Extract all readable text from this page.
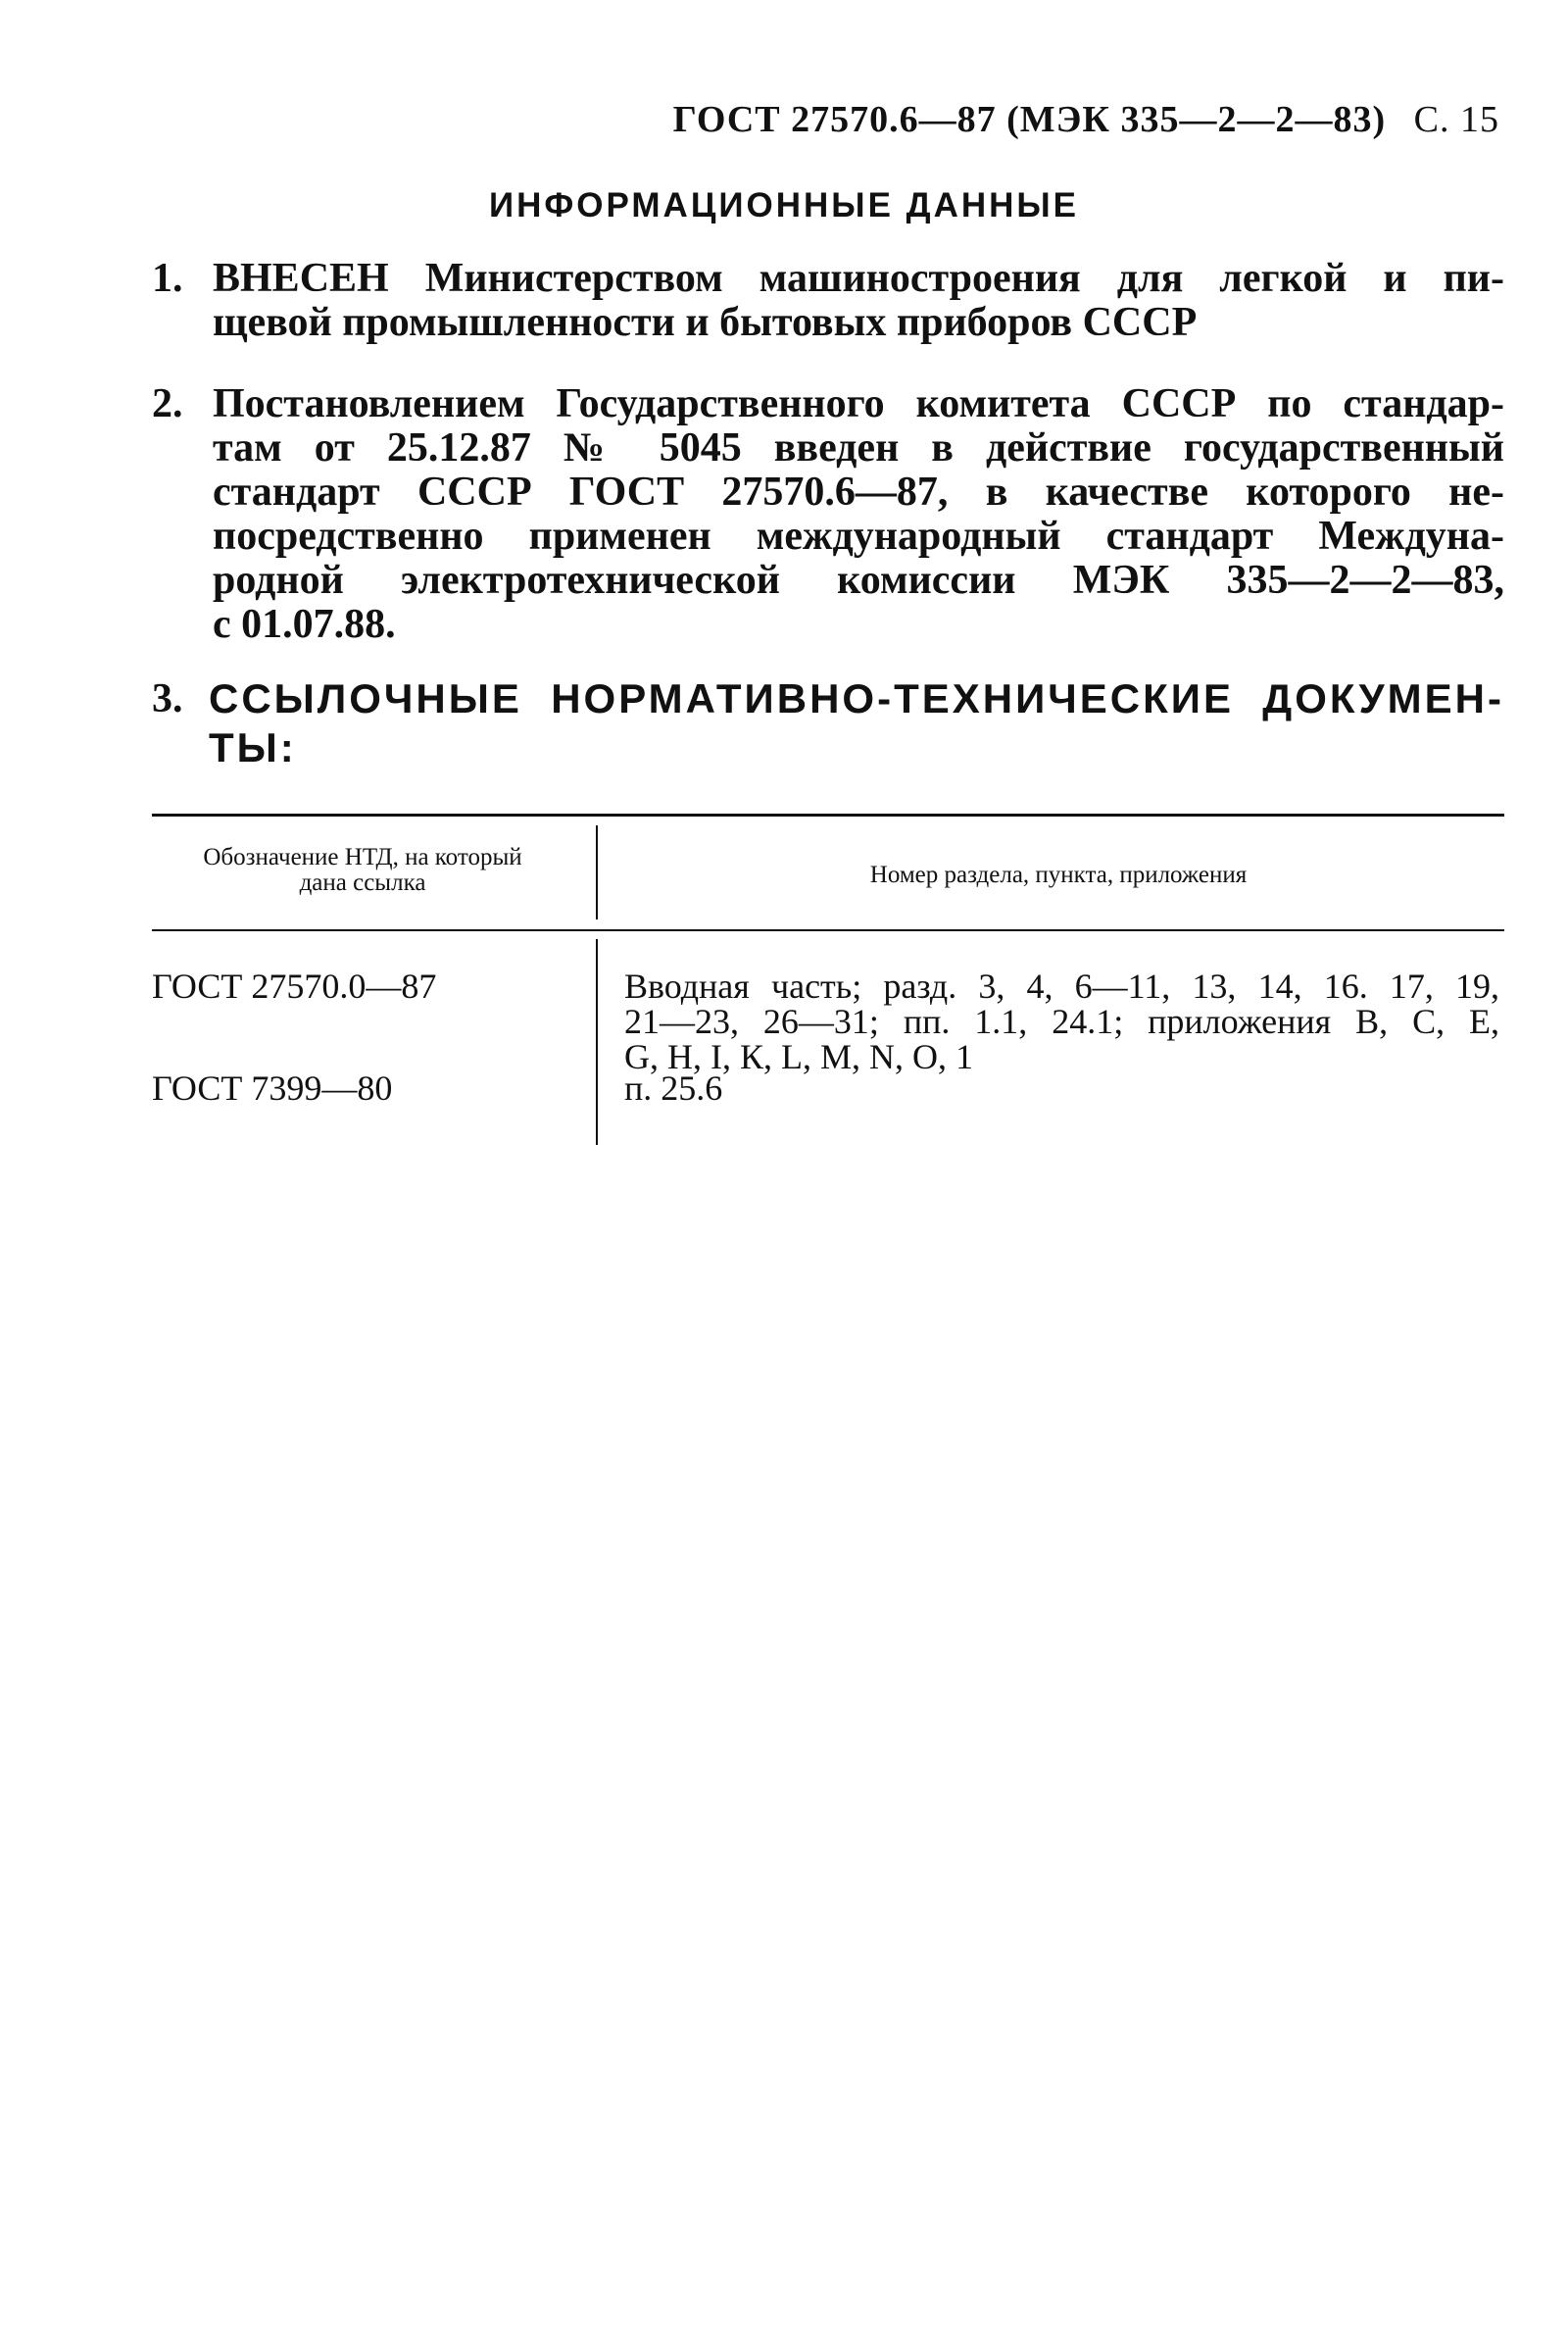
ГОСТ 27570.6—87 (МЭК 335—2—2—83) С. 15
ИНФОРМАЦИОННЫЕ ДАННЫЕ
1. ВНЕСЕН Министерством машиностроения для легкой и пи-
щевой промышленности и бытовых приборов СССР
2. Постановлением Государственного комитета СССР по стандар-
там от 25.12.87 № 5045 введен в действие государственный
стандарт СССР ГОСТ 27570.6—87, в качестве которого не-
посредственно применен международный стандарт Междуна-
родной электротехнической комиссии МЭК 335—2—2—83,
с 01.07.88.
3. ССЫЛОЧНЫЕ НОРМАТИВНО-ТЕХНИЧЕСКИЕ ДОКУМЕН-
ТЫ:
Обозначение НТД, на который
дана ссылка	Номер раздела, пункта, приложения
ГОСТ 27570.0—87	Вводная часть; разд. 3, 4, 6—11, 13, 14, 16. 17, 19,
21—23, 26—31; пп. 1.1, 24.1; приложения В, С, Е,
G, H, I, К, L, М, N, О, 1
ГОСТ 7399—80	п. 25.6
